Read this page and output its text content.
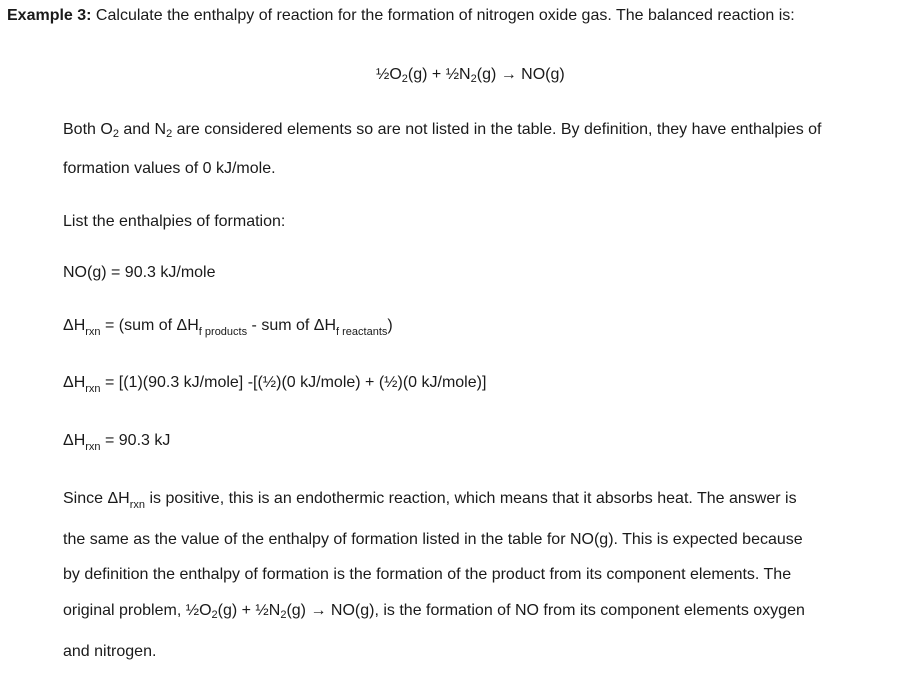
Example 3: Calculate the enthalpy of reaction for the formation of nitrogen oxide gas. The balanced reaction is:
$\frac{1}{2}O_2(g)$ + $\frac{1}{2}N_2(g) \to NO(g)$
Both $O_2$ and $N_2$ are considered elements so are not listed in the table. By definition, they have enthalpies of
formation values of 0 kJ/mole.
List the enthalpies of formation:
NO(g) = 90.3 kJ/mole
$\Delta H_{rxn} = (sum$ of $\Delta H_{f products}$ - sum of $\Delta H_{f reactants}$)
$\Delta H_{rxn} = [(1)(90.3$ kJ/mole] -[(½)(0 kJ/mole) + (½)(0 kJ/mole)]
$\Delta H_{rxn} = 90.3$ kJ
Since $\Delta H_{rxn}$ is positive, this is an endothermic reaction, which means that it absorbs heat. The answer is
the same as the value of the enthalpy of formation listed in the table for NO(g). This is expected because
by definition the enthalpy of formation is the formation of the product from its component elements. The
original problem, $\frac{1}{2}O_2(g)$ + $\frac{1}{2}N_2(g) \to NO(g)$, is the formation of NO from its component elements oxygen
and nitrogen.
